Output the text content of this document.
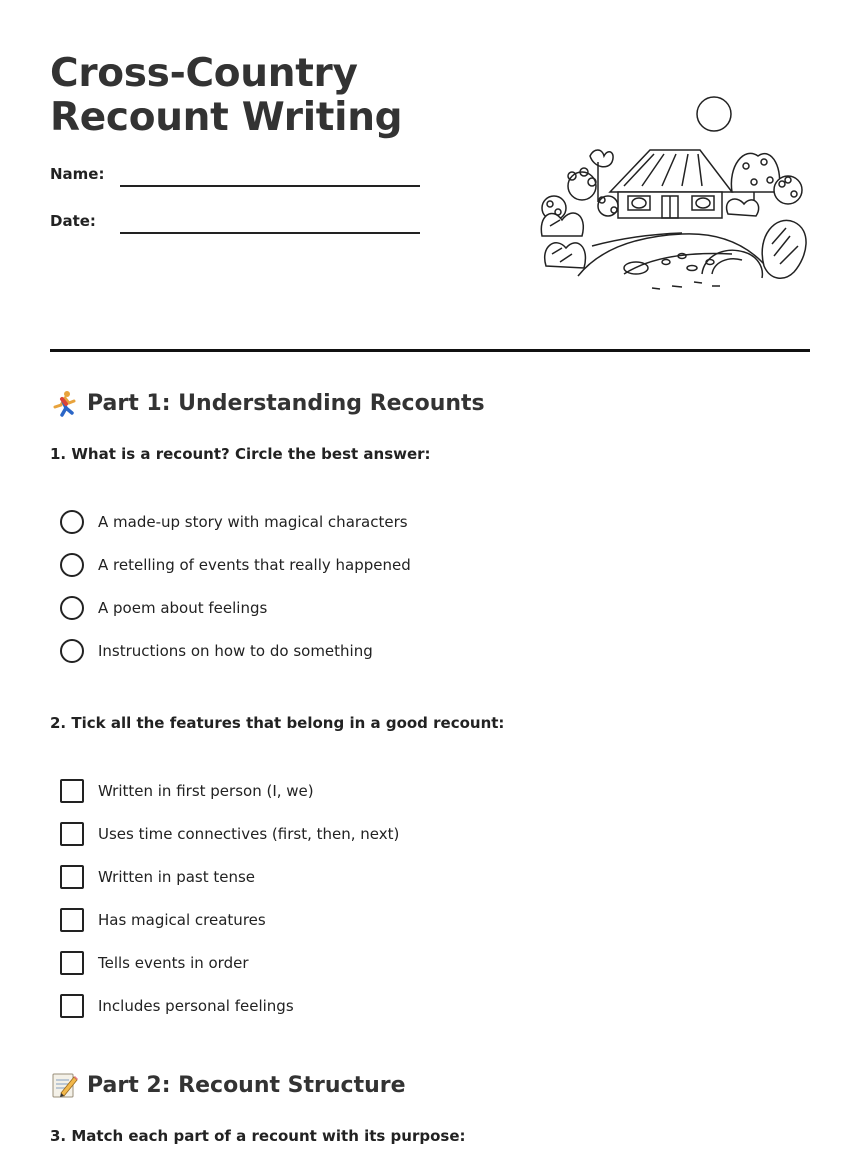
Cross-Country Recount Writing
Name:
Date:
Part 1: Understanding Recounts
1. What is a recount? Circle the best answer:
A made-up story with magical characters
A retelling of events that really happened
A poem about feelings
Instructions on how to do something
2. Tick all the features that belong in a good recount:
Written in first person (I, we)
Uses time connectives (first, then, next)
Written in past tense
Has magical creatures
Tells events in order
Includes personal feelings
Part 2: Recount Structure
3. Match each part of a recount with its purpose:
